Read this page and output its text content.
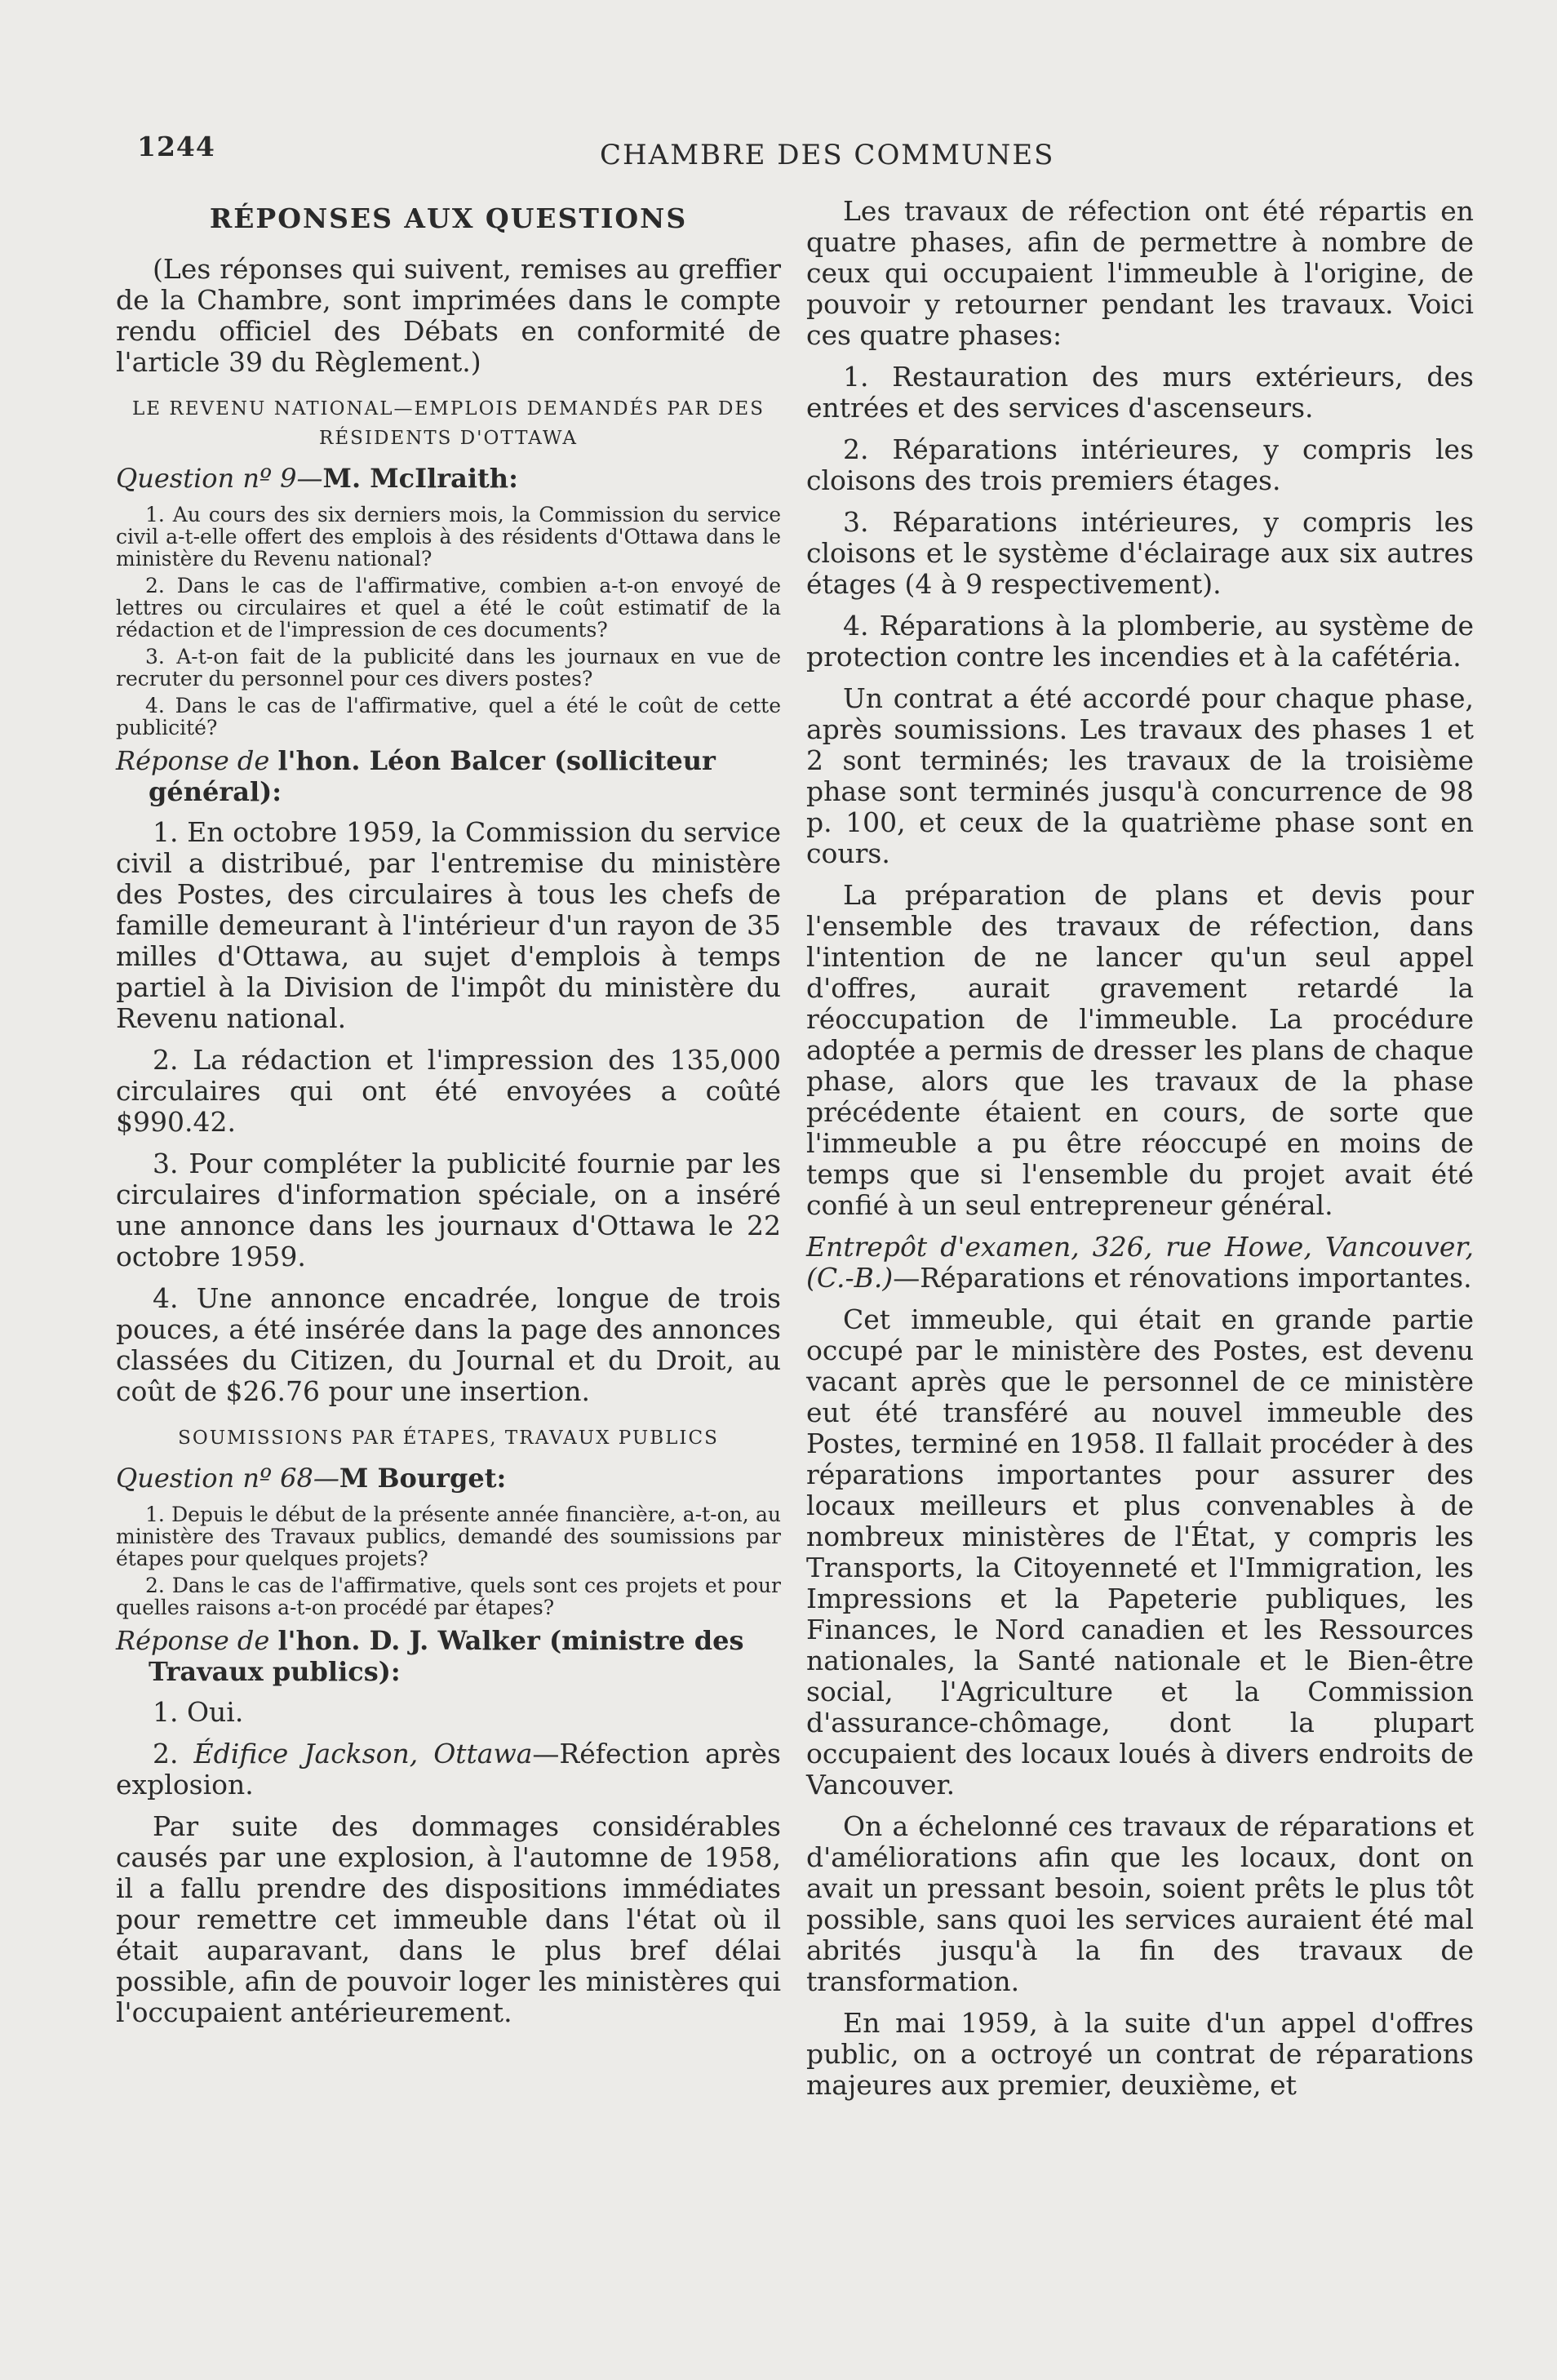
1244	CHAMBRE DES COMMUNES

RÉPONSES AUX QUESTIONS

(Les réponses qui suivent, remises au greffier de la Chambre, sont imprimées dans le compte rendu officiel des Débats en conformité de l'article 39 du Règlement.)

LE REVENU NATIONAL—EMPLOIS DEMANDÉS PAR DES RÉSIDENTS D'OTTAWA

Question nº 9—M. McIlraith:

1. Au cours des six derniers mois, la Commission du service civil a-t-elle offert des emplois à des résidents d'Ottawa dans le ministère du Revenu national?

2. Dans le cas de l'affirmative, combien a-t-on envoyé de lettres ou circulaires et quel a été le coût estimatif de la rédaction et de l'impression de ces documents?

3. A-t-on fait de la publicité dans les journaux en vue de recruter du personnel pour ces divers postes?

4. Dans le cas de l'affirmative, quel a été le coût de cette publicité?

Réponse de l'hon. Léon Balcer (solliciteur général):

1. En octobre 1959, la Commission du service civil a distribué, par l'entremise du ministère des Postes, des circulaires à tous les chefs de famille demeurant à l'intérieur d'un rayon de 35 milles d'Ottawa, au sujet d'emplois à temps partiel à la Division de l'impôt du ministère du Revenu national.

2. La rédaction et l'impression des 135,000 circulaires qui ont été envoyées a coûté $990.42.

3. Pour compléter la publicité fournie par les circulaires d'information spéciale, on a inséré une annonce dans les journaux d'Ottawa le 22 octobre 1959.

4. Une annonce encadrée, longue de trois pouces, a été insérée dans la page des annonces classées du Citizen, du Journal et du Droit, au coût de $26.76 pour une insertion.

SOUMISSIONS PAR ÉTAPES, TRAVAUX PUBLICS

Question nº 68—M Bourget:

1. Depuis le début de la présente année financière, a-t-on, au ministère des Travaux publics, demandé des soumissions par étapes pour quelques projets?

2. Dans le cas de l'affirmative, quels sont ces projets et pour quelles raisons a-t-on procédé par étapes?

Réponse de l'hon. D. J. Walker (ministre des Travaux publics):

1. Oui.

2. Édifice Jackson, Ottawa—Réfection après explosion.

Par suite des dommages considérables causés par une explosion, à l'automne de 1958, il a fallu prendre des dispositions immédiates pour remettre cet immeuble dans l'état où il était auparavant, dans le plus bref délai possible, afin de pouvoir loger les ministères qui l'occupaient antérieurement.

Les travaux de réfection ont été répartis en quatre phases, afin de permettre à nombre de ceux qui occupaient l'immeuble à l'origine, de pouvoir y retourner pendant les travaux. Voici ces quatre phases:

1. Restauration des murs extérieurs, des entrées et des services d'ascenseurs.

2. Réparations intérieures, y compris les cloisons des trois premiers étages.

3. Réparations intérieures, y compris les cloisons et le système d'éclairage aux six autres étages (4 à 9 respectivement).

4. Réparations à la plomberie, au système de protection contre les incendies et à la cafétéria.

Un contrat a été accordé pour chaque phase, après soumissions. Les travaux des phases 1 et 2 sont terminés; les travaux de la troisième phase sont terminés jusqu'à concurrence de 98 p. 100, et ceux de la quatrième phase sont en cours.

La préparation de plans et devis pour l'ensemble des travaux de réfection, dans l'intention de ne lancer qu'un seul appel d'offres, aurait gravement retardé la réoccupation de l'immeuble. La procédure adoptée a permis de dresser les plans de chaque phase, alors que les travaux de la phase précédente étaient en cours, de sorte que l'immeuble a pu être réoccupé en moins de temps que si l'ensemble du projet avait été confié à un seul entrepreneur général.

Entrepôt d'examen, 326, rue Howe, Vancouver, (C.-B.)—Réparations et rénovations importantes.

Cet immeuble, qui était en grande partie occupé par le ministère des Postes, est devenu vacant après que le personnel de ce ministère eut été transféré au nouvel immeuble des Postes, terminé en 1958. Il fallait procéder à des réparations importantes pour assurer des locaux meilleurs et plus convenables à de nombreux ministères de l'État, y compris les Transports, la Citoyenneté et l'Immigration, les Impressions et la Papeterie publiques, les Finances, le Nord canadien et les Ressources nationales, la Santé nationale et le Bien-être social, l'Agriculture et la Commission d'assurance-chômage, dont la plupart occupaient des locaux loués à divers endroits de Vancouver.

On a échelonné ces travaux de réparations et d'améliorations afin que les locaux, dont on avait un pressant besoin, soient prêts le plus tôt possible, sans quoi les services auraient été mal abrités jusqu'à la fin des travaux de transformation.

En mai 1959, à la suite d'un appel d'offres public, on a octroyé un contrat de réparations majeures aux premier, deuxième, et
